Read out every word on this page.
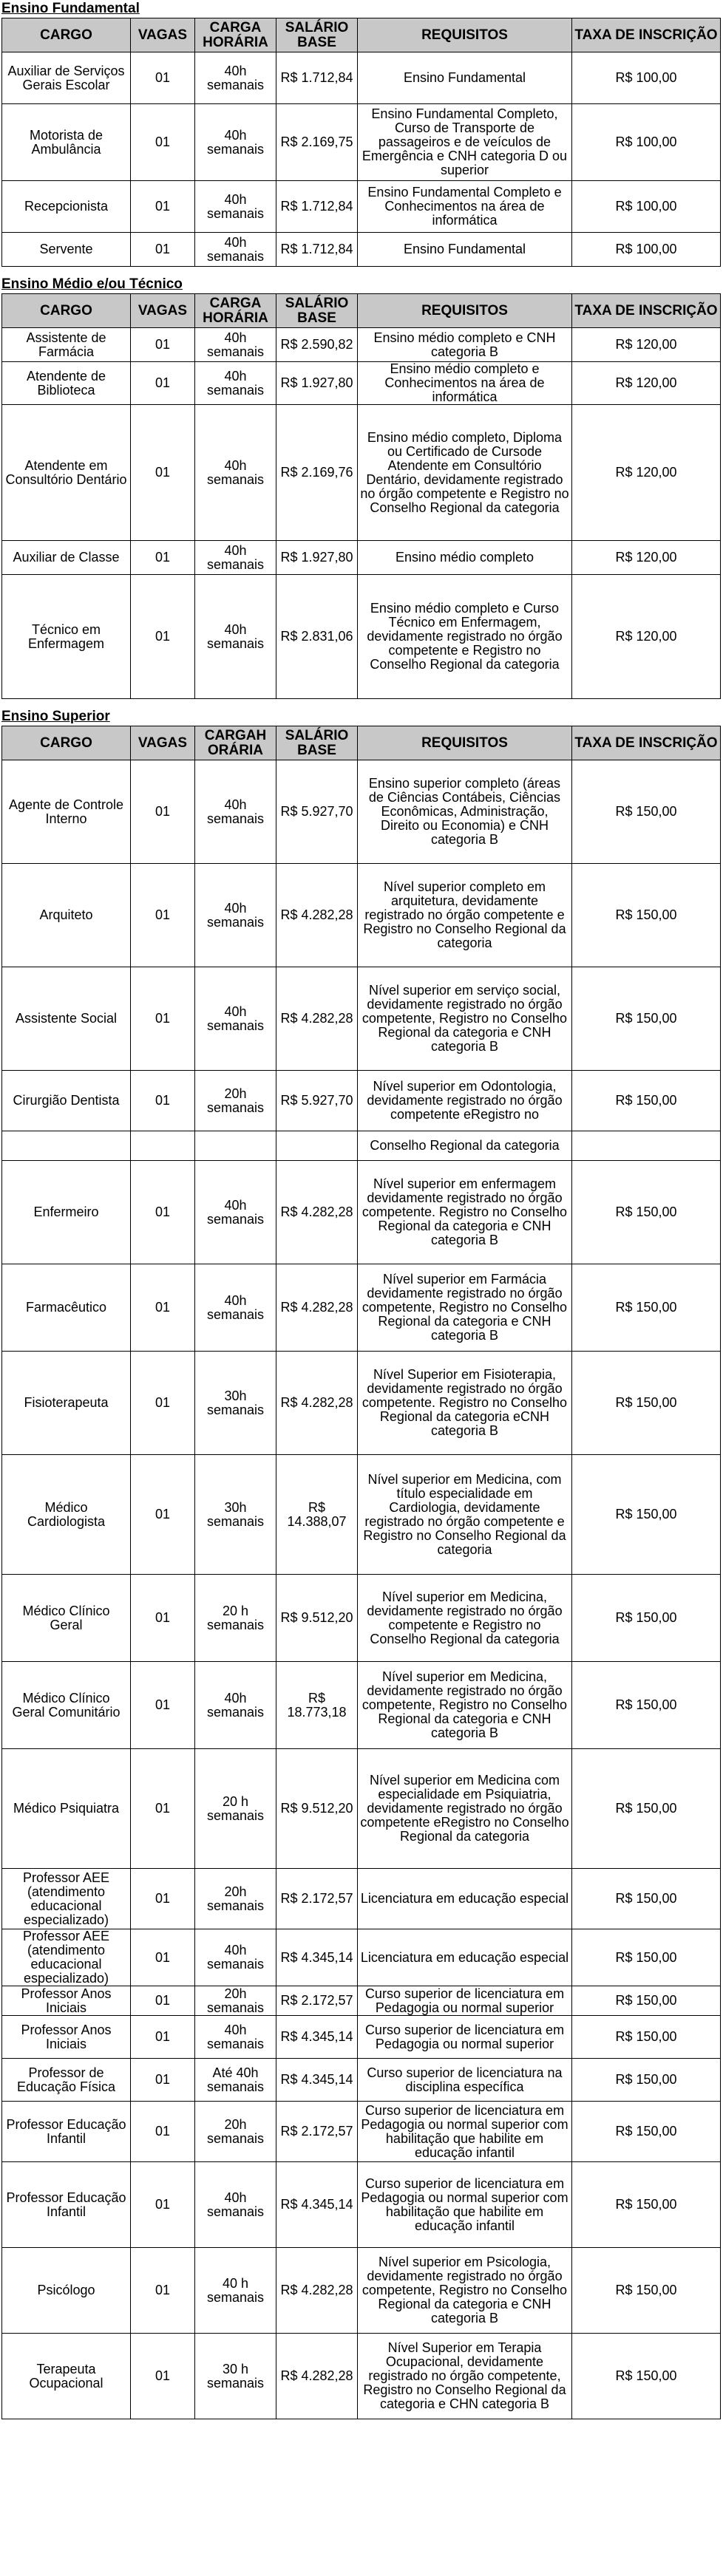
Ensino Fundamental
CARGO	VAGAS	CARGA HORÁRIA	SALÁRIO BASE	REQUISITOS	TAXA DE INSCRIÇÃO
Auxiliar de Serviços Gerais Escolar	01	40h semanais	R$ 1.712,84	Ensino Fundamental	R$ 100,00
Motorista de Ambulância	01	40h semanais	R$ 2.169,75	Ensino Fundamental Completo, Curso de Transporte de passageiros e de veículos de Emergência e CNH categoria D ou superior	R$ 100,00
Recepcionista	01	40h semanais	R$ 1.712,84	Ensino Fundamental Completo e Conhecimentos na área de informática	R$ 100,00
Servente	01	40h semanais	R$ 1.712,84	Ensino Fundamental	R$ 100,00
Ensino Médio e/ou Técnico
CARGO	VAGAS	CARGA HORÁRIA	SALÁRIO BASE	REQUISITOS	TAXA DE INSCRIÇÃO
Assistente de Farmácia	01	40h semanais	R$ 2.590,82	Ensino médio completo e CNH categoria B	R$ 120,00
Atendente de Biblioteca	01	40h semanais	R$ 1.927,80	Ensino médio completo e Conhecimentos na área de informática	R$ 120,00
Atendente em Consultório Dentário	01	40h semanais	R$ 2.169,76	Ensino médio completo, Diploma ou Certificado de Cursode Atendente em Consultório Dentário, devidamente registrado no órgão competente e Registro no Conselho Regional da categoria	R$ 120,00
Auxiliar de Classe	01	40h semanais	R$ 1.927,80	Ensino médio completo	R$ 120,00
Técnico em Enfermagem	01	40h semanais	R$ 2.831,06	Ensino médio completo e Curso Técnico em Enfermagem, devidamente registrado no órgão competente e Registro no Conselho Regional da categoria	R$ 120,00
Ensino Superior
CARGO	VAGAS	CARGAH ORÁRIA	SALÁRIO BASE	REQUISITOS	TAXA DE INSCRIÇÃO
Agente de Controle Interno	01	40h semanais	R$ 5.927,70	Ensino superior completo (áreas de Ciências Contábeis, Ciências Econômicas, Administração, Direito ou Economia) e CNH categoria B	R$ 150,00
Arquiteto	01	40h semanais	R$ 4.282,28	Nível superior completo em arquitetura, devidamente registrado no órgão competente e Registro no Conselho Regional da categoria	R$ 150,00
Assistente Social	01	40h semanais	R$ 4.282,28	Nível superior em serviço social, devidamente registrado no órgão competente, Registro no Conselho Regional da categoria e CNH categoria B	R$ 150,00
Cirurgião Dentista	01	20h semanais	R$ 5.927,70	Nível superior em Odontologia, devidamente registrado no órgão competente eRegistro no	R$ 150,00
				Conselho Regional da categoria	
Enfermeiro	01	40h semanais	R$ 4.282,28	Nível superior em enfermagem devidamente registrado no órgão competente. Registro no Conselho Regional da categoria e CNH categoria B	R$ 150,00
Farmacêutico	01	40h semanais	R$ 4.282,28	Nível superior em Farmácia devidamente registrado no órgão competente, Registro no Conselho Regional da categoria e CNH categoria B	R$ 150,00
Fisioterapeuta	01	30h semanais	R$ 4.282,28	Nível Superior em Fisioterapia, devidamente registrado no órgão competente. Registro no Conselho Regional da categoria eCNH categoria B	R$ 150,00
Médico Cardiologista	01	30h semanais	R$ 14.388,07	Nível superior em Medicina, com título especialidade em Cardiologia, devidamente registrado no órgão competente e Registro no Conselho Regional da categoria	R$ 150,00
Médico Clínico Geral	01	20 h semanais	R$ 9.512,20	Nível superior em Medicina, devidamente registrado no órgão competente e Registro no Conselho Regional da categoria	R$ 150,00
Médico Clínico Geral Comunitário	01	40h semanais	R$ 18.773,18	Nível superior em Medicina, devidamente registrado no órgão competente, Registro no Conselho Regional da categoria e CNH categoria B	R$ 150,00
Médico Psiquiatra	01	20 h semanais	R$ 9.512,20	Nível superior em Medicina com especialidade em Psiquiatria, devidamente registrado no órgão competente eRegistro no Conselho Regional da categoria	R$ 150,00
Professor AEE (atendimento educacional especializado)	01	20h semanais	R$ 2.172,57	Licenciatura em educação especial	R$ 150,00
Professor AEE (atendimento educacional especializado)	01	40h semanais	R$ 4.345,14	Licenciatura em educação especial	R$ 150,00
Professor Anos Iniciais	01	20h semanais	R$ 2.172,57	Curso superior de licenciatura em Pedagogia ou normal superior	R$ 150,00
Professor Anos Iniciais	01	40h semanais	R$ 4.345,14	Curso superior de licenciatura em Pedagogia ou normal superior	R$ 150,00
Professor de Educação Física	01	Até 40h semanais	R$ 4.345,14	Curso superior de licenciatura na disciplina específica	R$ 150,00
Professor Educação Infantil	01	20h semanais	R$ 2.172,57	Curso superior de licenciatura em Pedagogia ou normal superior com habilitação que habilite em educação infantil	R$ 150,00
Professor Educação Infantil	01	40h semanais	R$ 4.345,14	Curso superior de licenciatura em Pedagogia ou normal superior com habilitação que habilite em educação infantil	R$ 150,00
Psicólogo	01	40 h semanais	R$ 4.282,28	Nível superior em Psicologia, devidamente registrado no órgão competente, Registro no Conselho Regional da categoria e CNH categoria B	R$ 150,00
Terapeuta Ocupacional	01	30 h semanais	R$ 4.282,28	Nível Superior em Terapia Ocupacional, devidamente registrado no órgão competente, Registro no Conselho Regional da categoria e CHN categoria B	R$ 150,00
